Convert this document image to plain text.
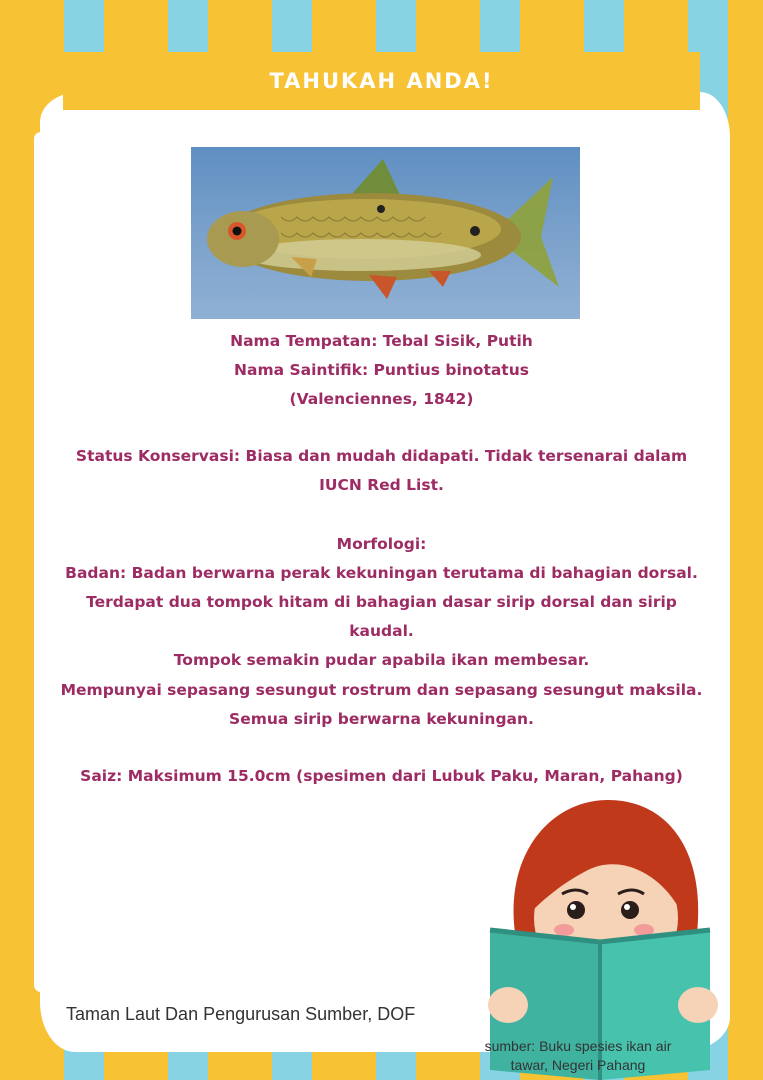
TAHUKAH ANDA!
Nama Tempatan: Tebal Sisik, Putih
Nama Saintifik: Puntius binotatus
(Valenciennes, 1842)
Status Konservasi: Biasa dan mudah didapati. Tidak tersenarai dalam
IUCN Red List.
Morfologi:
Badan: Badan berwarna perak kekuningan terutama di bahagian dorsal.
Terdapat dua tompok hitam di bahagian dasar sirip dorsal dan sirip kaudal.
Tompok semakin pudar apabila ikan membesar.
Mempunyai sepasang sesungut rostrum dan sepasang sesungut maksila.
Semua sirip berwarna kekuningan.
Saiz: Maksimum 15.0cm (spesimen dari Lubuk Paku, Maran, Pahang)
Taman Laut Dan Pengurusan Sumber, DOF
sumber: Buku spesies ikan air
tawar, Negeri Pahang
